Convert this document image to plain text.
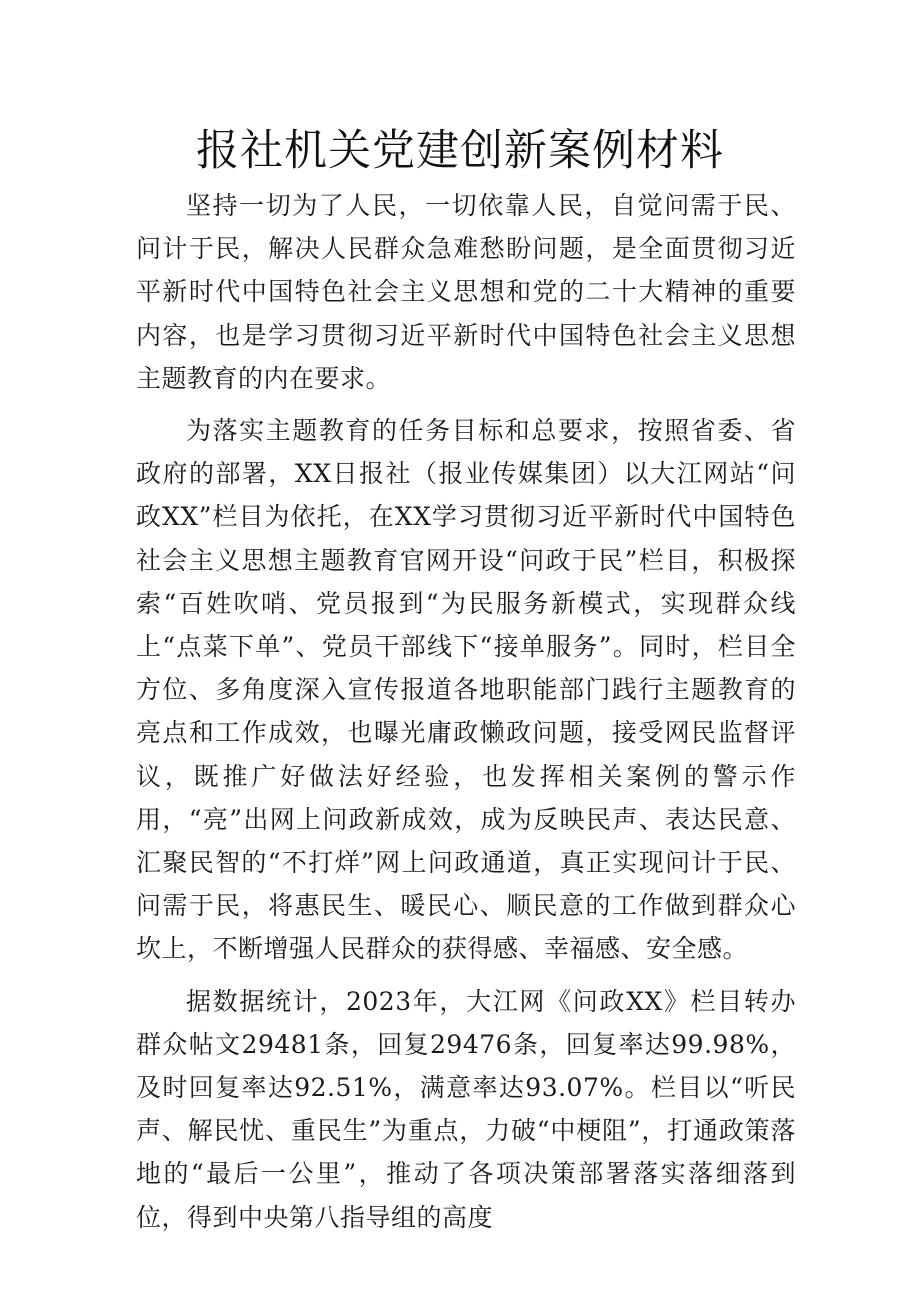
报社机关党建创新案例材料

坚持一切为了人民，一切依靠人民，自觉问需于民、问计于民，解决人民群众急难愁盼问题，是全面贯彻习近平新时代中国特色社会主义思想和党的二十大精神的重要内容，也是学习贯彻习近平新时代中国特色社会主义思想主题教育的内在要求。

为落实主题教育的任务目标和总要求，按照省委、省政府的部署，XX日报社（报业传媒集团）以大江网站“问政XX”栏目为依托，在XX学习贯彻习近平新时代中国特色社会主义思想主题教育官网开设“问政于民”栏目，积极探索“百姓吹哨、党员报到“为民服务新模式，实现群众线上“点菜下单”、党员干部线下“接单服务”。同时，栏目全方位、多角度深入宣传报道各地职能部门践行主题教育的亮点和工作成效，也曝光庸政懒政问题，接受网民监督评议，既推广好做法好经验，也发挥相关案例的警示作用，“亮”出网上问政新成效，成为反映民声、表达民意、汇聚民智的“不打烊”网上问政通道，真正实现问计于民、问需于民，将惠民生、暖民心、顺民意的工作做到群众心坎上，不断增强人民群众的获得感、幸福感、安全感。

据数据统计，2023年，大江网《问政XX》栏目转办群众帖文29481条，回复29476条，回复率达99.98%，及时回复率达92.51%，满意率达93.07%。栏目以“听民声、解民忧、重民生”为重点，力破“中梗阻”，打通政策落地的“最后一公里”，推动了各项决策部署落实落细落到位，得到中央第八指导组的高度
